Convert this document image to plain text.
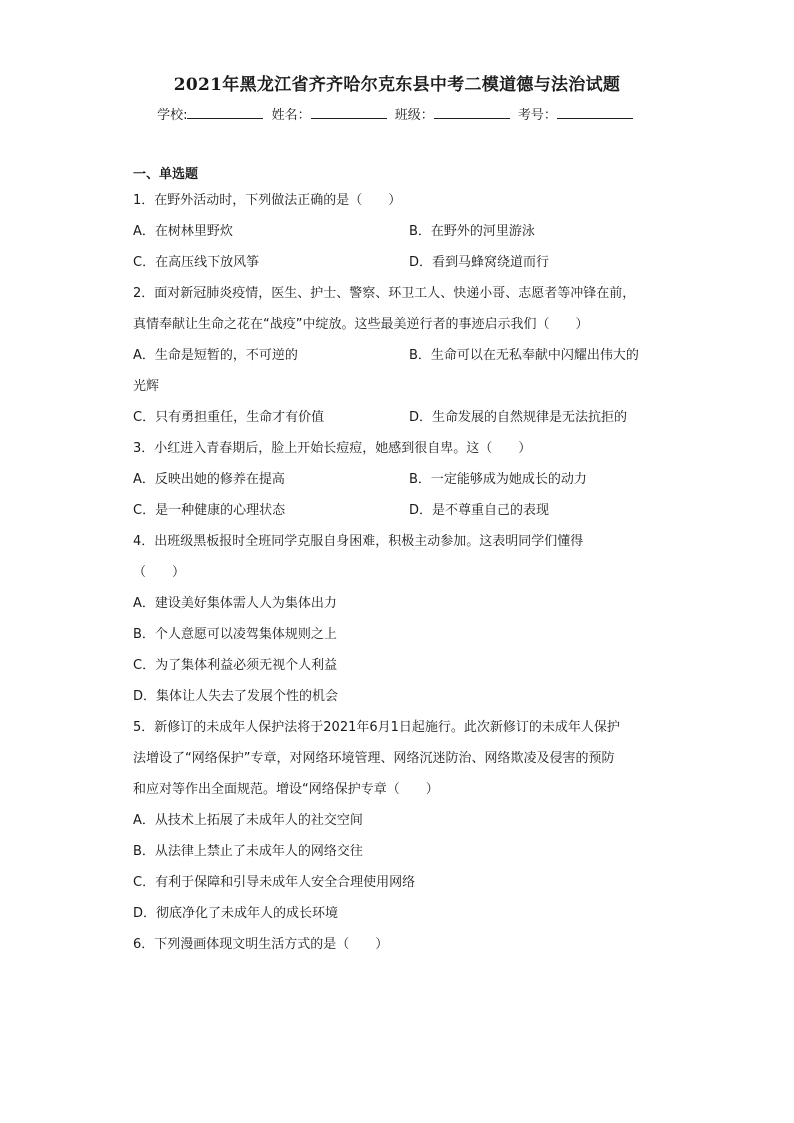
2021年黑龙江省齐齐哈尔克东县中考二模道德与法治试题
学校:	姓名：	班级：	考号：
一、单选题
1．在野外活动时，下列做法正确的是（　　）
A．在树林里野炊	B．在野外的河里游泳
C．在高压线下放风筝	D．看到马蜂窝绕道而行
2．面对新冠肺炎疫情，医生、护士、警察、环卫工人、快递小哥、志愿者等冲锋在前，
真情奉献让生命之花在“战疫”中绽放。这些最美逆行者的事迹启示我们（　　）
A．生命是短暂的，不可逆的	B．生命可以在无私奉献中闪耀出伟大的
光辉
C．只有勇担重任，生命才有价值	D．生命发展的自然规律是无法抗拒的
3．小红进入青春期后，脸上开始长痘痘，她感到很自卑。这（　　）
A．反映出她的修养在提高	B．一定能够成为她成长的动力
C．是一种健康的心理状态	D．是不尊重自己的表现
4．出班级黑板报时全班同学克服自身困难，积极主动参加。这表明同学们懂得
（　　）
A．建设美好集体需人人为集体出力
B．个人意愿可以凌驾集体规则之上
C．为了集体利益必须无视个人利益
D．集体让人失去了发展个性的机会
5．新修订的未成年人保护法将于2021年6月1日起施行。此次新修订的未成年人保护
法增设了“网络保护”专章，对网络环境管理、网络沉迷防治、网络欺凌及侵害的预防
和应对等作出全面规范。增设“网络保护专章（　　）
A．从技术上拓展了未成年人的社交空间
B．从法律上禁止了未成年人的网络交往
C．有利于保障和引导未成年人安全合理使用网络
D．彻底净化了未成年人的成长环境
6．下列漫画体现文明生活方式的是（　　）
